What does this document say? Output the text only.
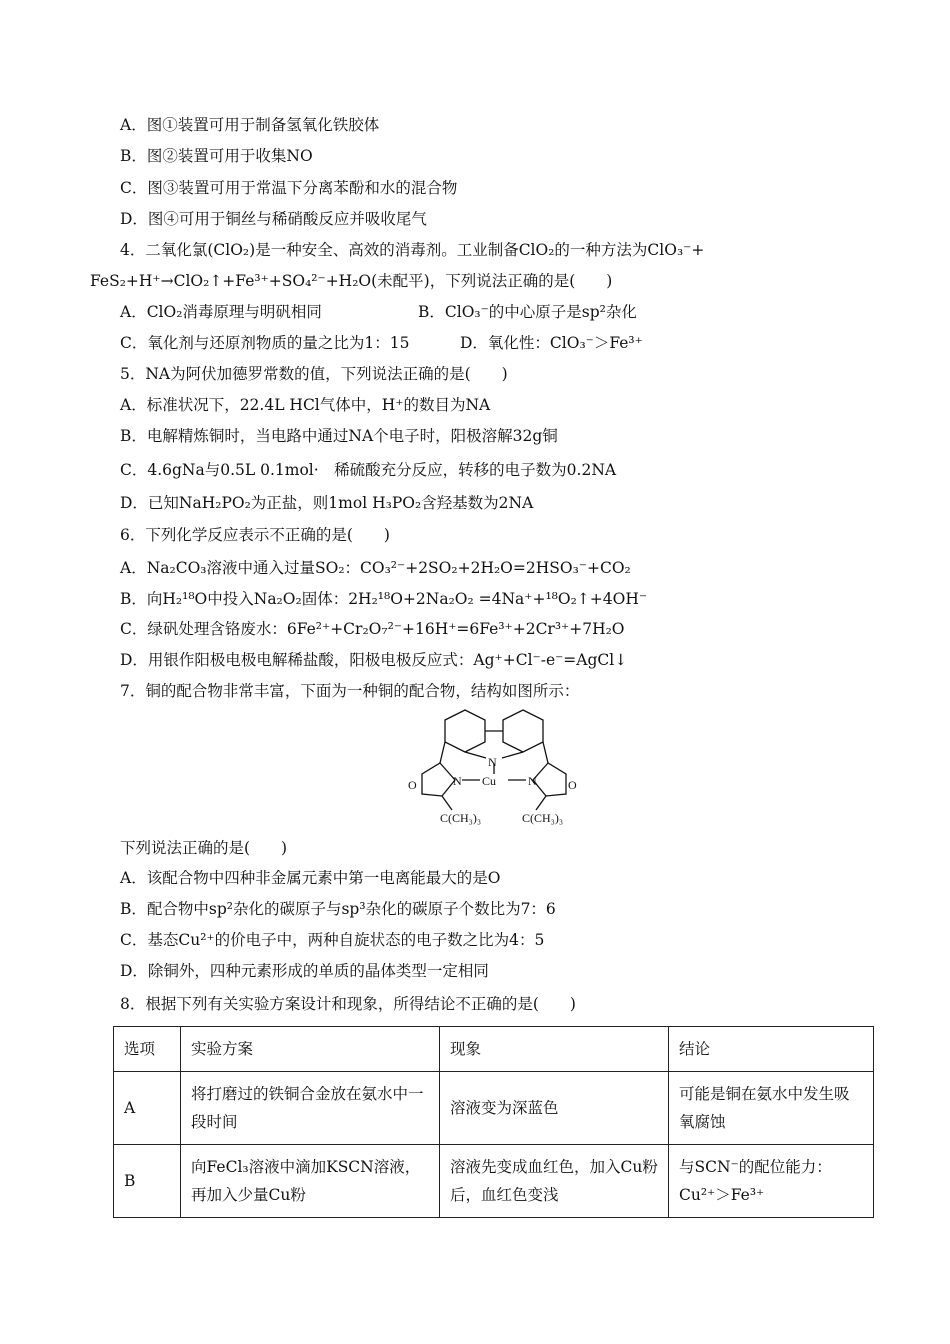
A．图①装置可用于制备氢氧化铁胶体
B．图②装置可用于收集NO
C．图③装置可用于常温下分离苯酚和水的混合物
D．图④可用于铜丝与稀硝酸反应并吸收尾气
4．二氧化氯(ClO₂)是一种安全、高效的消毒剂。工业制备ClO₂的一种方法为ClO₃⁻+
FeS₂+H⁺→ClO₂↑+Fe³⁺+SO₄²⁻+H₂O(未配平)，下列说法正确的是(　　)
A．ClO₂消毒原理与明矾相同	B．ClO₃⁻的中心原子是sp²杂化
C．氧化剂与还原剂物质的量之比为1：15	D．氧化性：ClO₃⁻＞Fe³⁺
5．NA为阿伏加德罗常数的值，下列说法正确的是(　　)
A．标准状况下，22.4L HCl气体中，H⁺的数目为NA
B．电解精炼铜时，当电路中通过NA个电子时，阳极溶解32g铜
C．4.6gNa与0.5L 0.1mol·　稀硫酸充分反应，转移的电子数为0.2NA
D．已知NaH₂PO₂为正盐，则1mol H₃PO₂含羟基数为2NA
6．下列化学反应表示不正确的是(　　)
A．Na₂CO₃溶液中通入过量SO₂：CO₃²⁻+2SO₂+2H₂O=2HSO₃⁻+CO₂
B．向H₂¹⁸O中投入Na₂O₂固体：2H₂¹⁸O+2Na₂O₂ =4Na⁺+¹⁸O₂↑+4OH⁻
C．绿矾处理含铬废水：6Fe²⁺+Cr₂O₇²⁻+16H⁺=6Fe³⁺+2Cr³⁺+7H₂O
D．用银作阳极电极电解稀盐酸，阳极电极反应式：Ag⁺+Cl⁻-e⁻=AgCl↓
7．铜的配合物非常丰富，下面为一种铜的配合物，结构如图所示：
N
O	N Cu	N	O
C(CH₃)₃	C(CH₃)₃
下列说法正确的是(　　)
A．该配合物中四种非金属元素中第一电离能最大的是O
B．配合物中sp²杂化的碳原子与sp³杂化的碳原子个数比为7：6
C．基态Cu²⁺的价电子中，两种自旋状态的电子数之比为4：5
D．除铜外，四种元素形成的单质的晶体类型一定相同
8．根据下列有关实验方案设计和现象，所得结论不正确的是(　　)
选项	实验方案	现象	结论
A	将打磨过的铁铜合金放在氨水中一段时间	溶液变为深蓝色	可能是铜在氨水中发生吸氧腐蚀
B	向FeCl₃溶液中滴加KSCN溶液，再加入少量Cu粉	溶液先变成血红色，加入Cu粉后，血红色变浅	与SCN⁻的配位能力：Cu²⁺＞Fe³⁺
